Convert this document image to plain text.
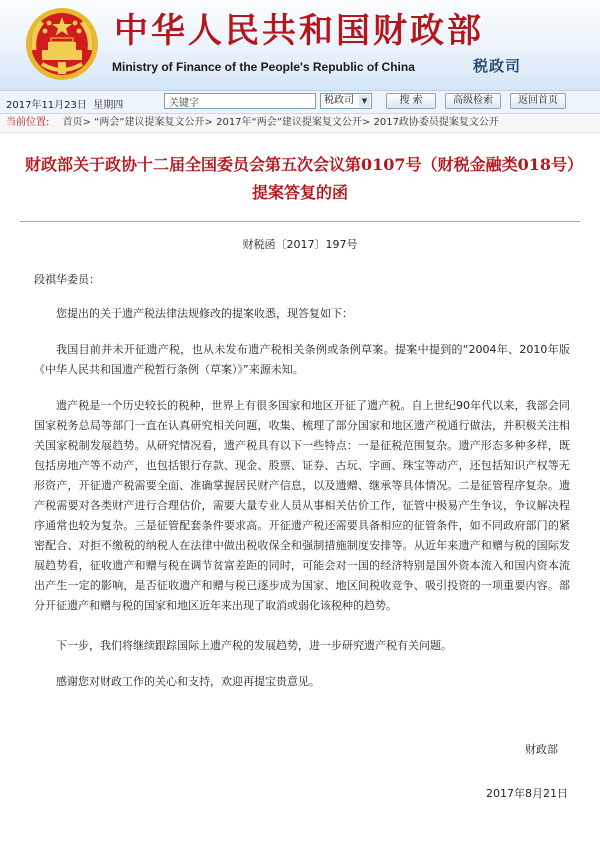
中华人民共和国财政部
Ministry of Finance of the People's Republic of China	税政司
2017年11月23日 星期四
关键字	税政司	▼	搜 索	高级检索	返回首页
当前位置: 首页> “两会”建议提案复文公开> 2017年“两会”建议提案复文公开> 2017政协委员提案复文公开
财政部关于政协十二届全国委员会第五次会议第0107号（财税金融类018号）提案答复的函
财税函〔2017〕197号

段祺华委员：

您提出的关于遗产税法律法规修改的提案收悉，现答复如下：

我国目前并未开征遗产税，也从未发布遗产税相关条例或条例草案。提案中提到的“2004年、2010年版《中华人民共和国遗产税暂行条例（草案）》”来源未知。

遗产税是一个历史较长的税种，世界上有很多国家和地区开征了遗产税。自上世纪90年代以来，我部会同国家税务总局等部门一直在认真研究相关问题，收集、梳理了部分国家和地区遗产税通行做法，并积极关注相关国家税制发展趋势。从研究情况看，遗产税具有以下一些特点：一是征税范围复杂。遗产形态多种多样，既包括房地产等不动产，也包括银行存款、现金、股票、证券、古玩、字画、珠宝等动产，还包括知识产权等无形资产，开征遗产税需要全面、准确掌握居民财产信息，以及遗赠、继承等具体情况。二是征管程序复杂。遗产税需要对各类财产进行合理估价，需要大量专业人员从事相关估价工作，征管中极易产生争议，争议解决程序通常也较为复杂。三是征管配套条件要求高。开征遗产税还需要具备相应的征管条件，如不同政府部门的紧密配合、对拒不缴税的纳税人在法律中做出税收保全和强制措施制度安排等。从近年来遗产和赠与税的国际发展趋势看，征收遗产和赠与税在调节贫富差距的同时，可能会对一国的经济特别是国外资本流入和国内资本流出产生一定的影响，是否征收遗产和赠与税已逐步成为国家、地区间税收竞争、吸引投资的一项重要内容。部分开征遗产和赠与税的国家和地区近年来出现了取消或弱化该税种的趋势。

下一步，我们将继续跟踪国际上遗产税的发展趋势，进一步研究遗产税有关问题。

感谢您对财政工作的关心和支持，欢迎再提宝贵意见。

财政部

2017年8月21日
